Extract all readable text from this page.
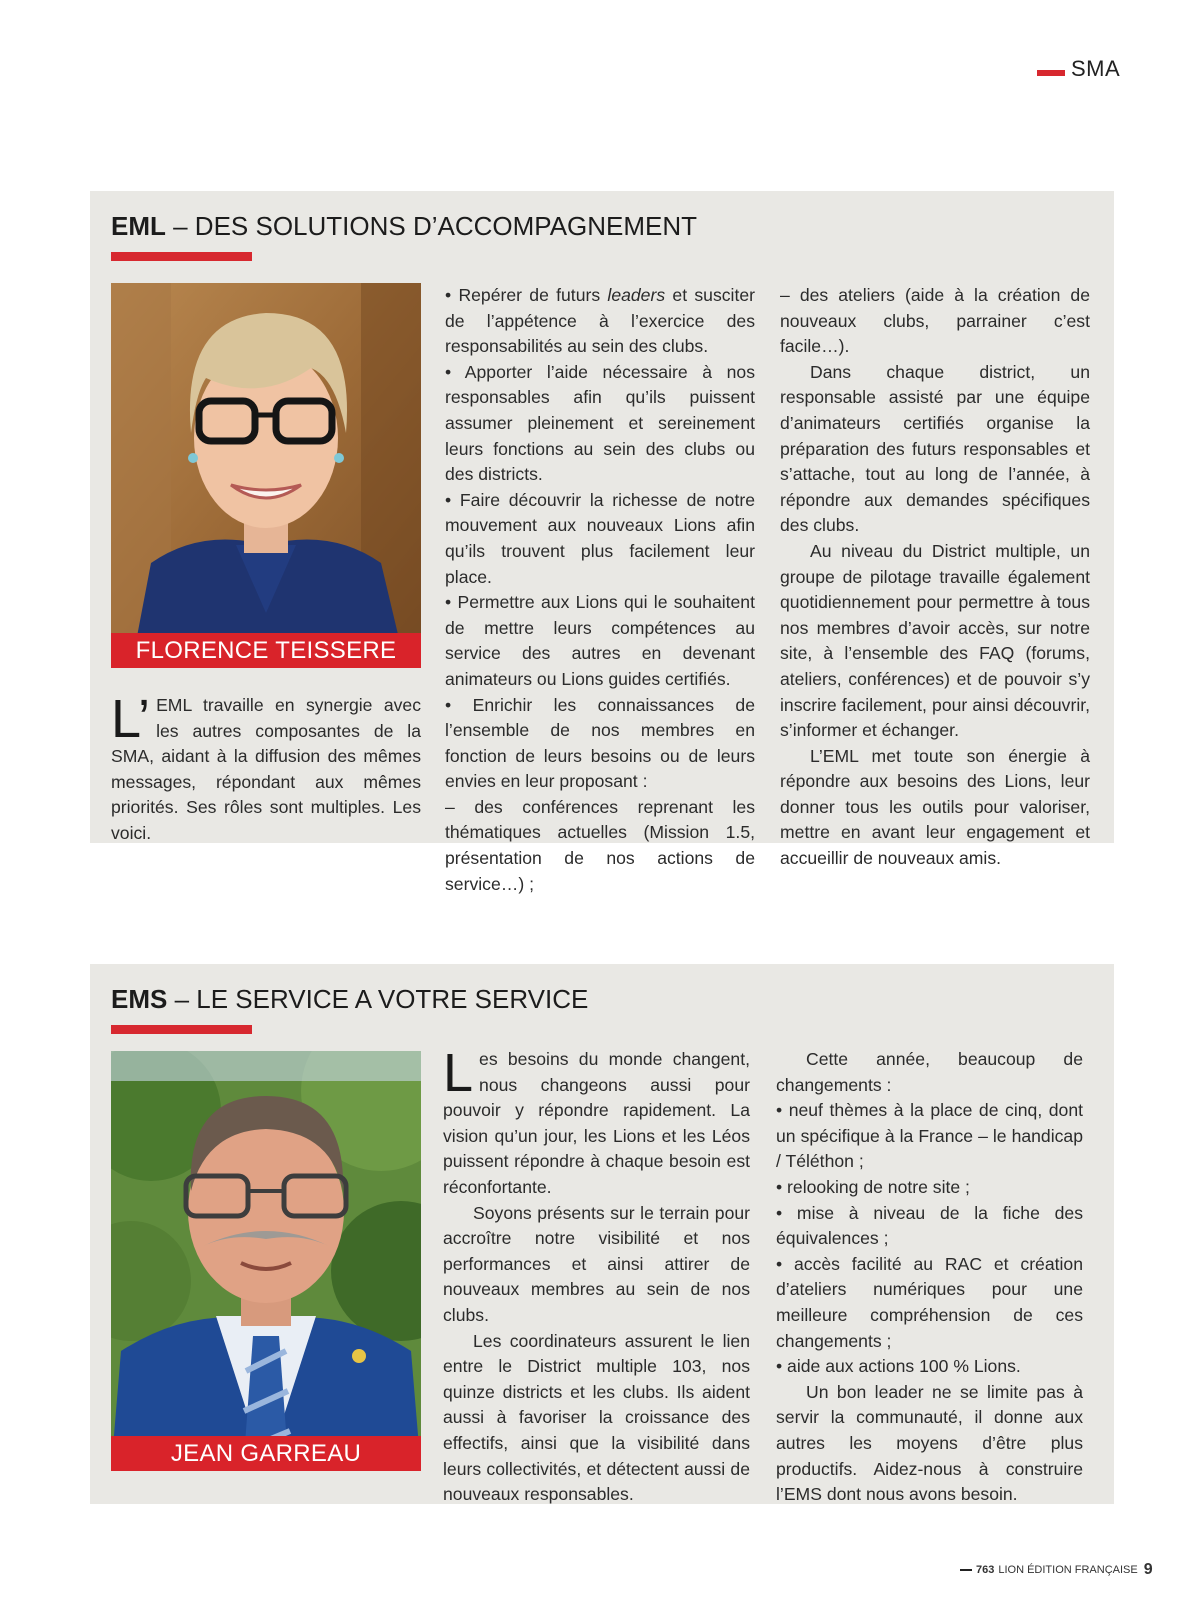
SMA
EML – DES SOLUTIONS D’ACCOMPAGNEMENT
FLORENCE TEISSERE
L’ EML travaille en synergie avec les autres composantes de la SMA, aidant à la diffusion des mêmes messages, répondant aux mêmes priorités. Ses rôles sont multiples. Les voici.

• Repérer de futurs leaders et susciter de l’appétence à l’exercice des responsabilités au sein des clubs.

• Apporter l’aide nécessaire à nos responsables afin qu’ils puissent assumer pleinement et sereinement leurs fonctions au sein des clubs ou des districts.

• Faire découvrir la richesse de notre mouvement aux nouveaux Lions afin qu’ils trouvent plus facilement leur place.

• Permettre aux Lions qui le souhaitent de mettre leurs compétences au service des autres en devenant animateurs ou Lions guides certifiés.

• Enrichir les connaissances de l’ensemble de nos membres en fonction de leurs besoins ou de leurs envies en leur proposant :

– des conférences reprenant les thématiques actuelles (Mission 1.5, présentation de nos actions de service…) ;

– des ateliers (aide à la création de nouveaux clubs, parrainer c’est facile…).

Dans chaque district, un responsable assisté par une équipe d’animateurs certifiés organise la préparation des futurs responsables et s’attache, tout au long de l’année, à répondre aux demandes spécifiques des clubs.

Au niveau du District multiple, un groupe de pilotage travaille également quotidiennement pour permettre à tous nos membres d’avoir accès, sur notre site, à l’ensemble des FAQ (forums, ateliers, conférences) et de pouvoir s’y inscrire facilement, pour ainsi découvrir, s’informer et échanger.

L’EML met toute son énergie à répondre aux besoins des Lions, leur donner tous les outils pour valoriser, mettre en avant leur engagement et accueillir de nouveaux amis.

EMS – LE SERVICE A VOTRE SERVICE
JEAN GARREAU

Les besoins du monde changent, nous changeons aussi pour pouvoir y répondre rapidement. La vision qu’un jour, les Lions et les Léos puissent répondre à chaque besoin est réconfortante.

Soyons présents sur le terrain pour accroître notre visibilité et nos performances et ainsi attirer de nouveaux membres au sein de nos clubs.

Les coordinateurs assurent le lien entre le District multiple 103, nos quinze districts et les clubs. Ils aident aussi à favoriser la croissance des effectifs, ainsi que la visibilité dans leurs collectivités, et détectent aussi de nouveaux responsables.

Cette année, beaucoup de changements :

• neuf thèmes à la place de cinq, dont un spécifique à la France – le handicap / Téléthon ;

• relooking de notre site ;

• mise à niveau de la fiche des équivalences ;

• accès facilité au RAC et création d’ateliers numériques pour une meilleure compréhension de ces changements ;

• aide aux actions 100 % Lions.

Un bon leader ne se limite pas à servir la communauté, il donne aux autres les moyens d’être plus productifs. Aidez-nous à construire l’EMS dont nous avons besoin.

763 LION ÉDITION FRANÇAISE 9
